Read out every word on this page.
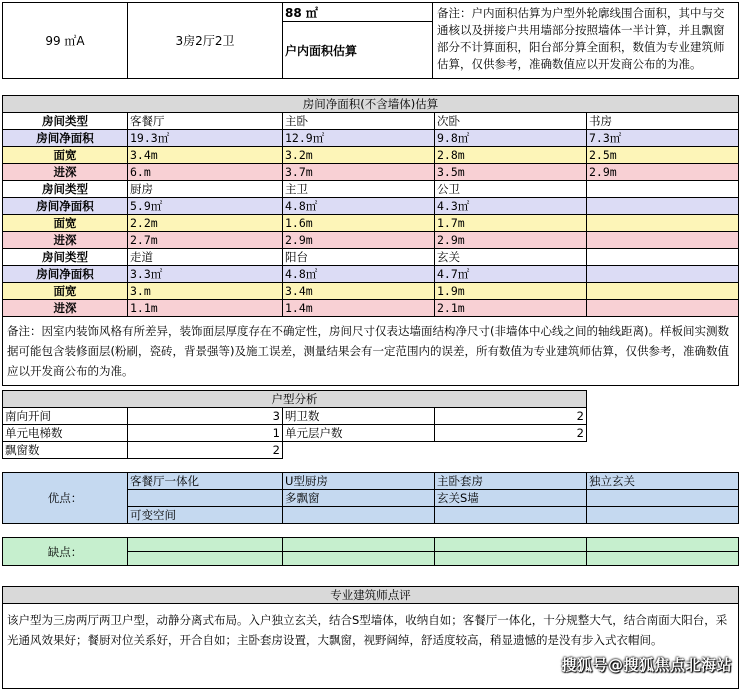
99 ㎡A	3房2厅2卫	88 ㎡	备注：户内面积估算为户型外轮廓线围合面积，其中与交通核以及拼接户共用墙部分按照墙体一半计算，并且飘窗部分不计算面积，阳台部分算全面积，数值为专业建筑师估算，仅供参考，准确数值应以开发商公布的为准。
户内面积估算
房间净面积(不含墙体)估算				
房间类型	客餐厅	主卧	次卧	书房
房间净面积	19.3㎡	12.9㎡	9.8㎡	7.3㎡
面宽	3.4m	3.2m	2.8m	2.5m
进深	6.m	3.7m	3.5m	2.9m
房间类型	厨房	主卫	公卫	
房间净面积	5.9㎡	4.8㎡	4.3㎡	
面宽	2.2m	1.6m	1.7m	
进深	2.7m	2.9m	2.9m	
房间类型	走道	阳台	玄关	
房间净面积	3.3㎡	4.8㎡	4.7㎡	
面宽	3.m	3.4m	1.9m	
进深	1.1m	1.4m	2.1m	
备注：因室内装饰风格有所差异，装饰面层厚度存在不确定性，房间尺寸仅表达墙面结构净尺寸(非墙体中心线之间的轴线距离)。样板间实测数据可能包含装修面层(粉刷，瓷砖，背景强等)及施工误差，测量结果会有一定范围内的误差，所有数值为专业建筑师估算，仅供参考，准确数值应以开发商公布的为准。				
户型分析			
南向开间	3	明卫数	2
单元电梯数	1	单元层户数	2
飘窗数	2		
优点：	客餐厅一体化	U型厨房	主卧套房	独立玄关
		多飘窗	玄关S墙	
	可变空间			
缺点：				

专业建筑师点评
该户型为三房两厅两卫户型，动静分离式布局。入户独立玄关，结合S型墙体，收纳自如；客餐厅一体化，十分规整大气，结合南面大阳台，采光通风效果好；餐厨对位关系好，开合自如；主卧套房设置，大飘窗，视野阔绰，舒适度较高，稍显遗憾的是没有步入式衣帽间。
搜狐号@搜狐焦点北海站
